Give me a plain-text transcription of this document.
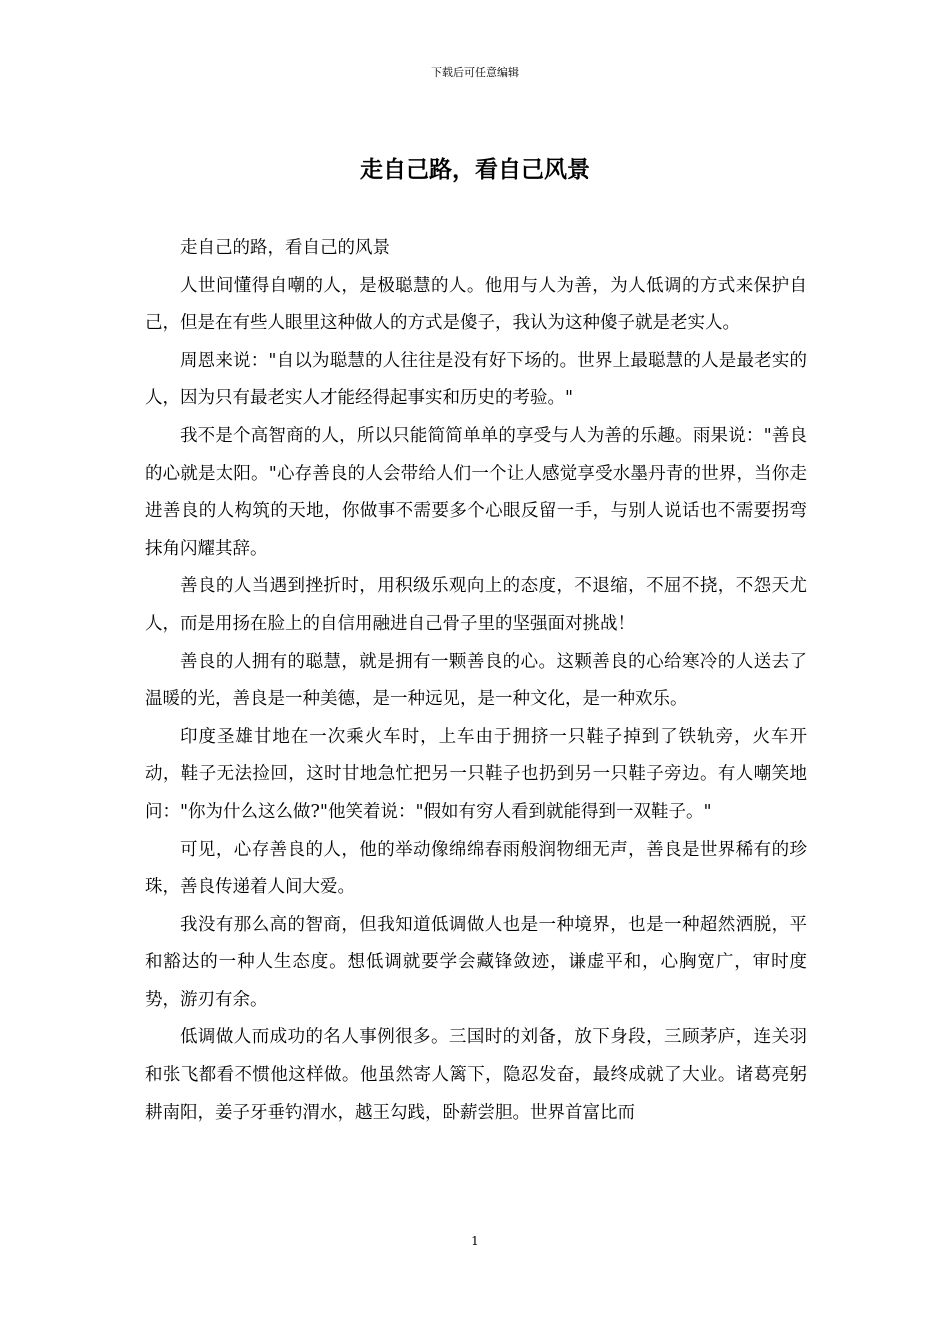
下载后可任意编辑
走自己路，看自己风景

走自己的路，看自己的风景

人世间懂得自嘲的人，是极聪慧的人。他用与人为善，为人低调的方式来保护自己，但是在有些人眼里这种做人的方式是傻子，我认为这种傻子就是老实人。

周恩来说："自以为聪慧的人往往是没有好下场的。世界上最聪慧的人是最老实的人，因为只有最老实人才能经得起事实和历史的考验。"

我不是个高智商的人，所以只能简简单单的享受与人为善的乐趣。雨果说："善良的心就是太阳。"心存善良的人会带给人们一个让人感觉享受水墨丹青的世界，当你走进善良的人构筑的天地，你做事不需要多个心眼反留一手，与别人说话也不需要拐弯抹角闪耀其辞。

善良的人当遇到挫折时，用积级乐观向上的态度，不退缩，不屈不挠，不怨天尤人，而是用扬在脸上的自信用融进自己骨子里的坚强面对挑战！

善良的人拥有的聪慧，就是拥有一颗善良的心。这颗善良的心给寒冷的人送去了温暖的光，善良是一种美德，是一种远见，是一种文化，是一种欢乐。

印度圣雄甘地在一次乘火车时，上车由于拥挤一只鞋子掉到了铁轨旁，火车开动，鞋子无法捡回，这时甘地急忙把另一只鞋子也扔到另一只鞋子旁边。有人嘲笑地问："你为什么这么做?"他笑着说："假如有穷人看到就能得到一双鞋子。"

可见，心存善良的人，他的举动像绵绵春雨般润物细无声，善良是世界稀有的珍珠，善良传递着人间大爱。

我没有那么高的智商，但我知道低调做人也是一种境界，也是一种超然洒脱，平和豁达的一种人生态度。想低调就要学会藏锋敛迹，谦虚平和，心胸宽广，审时度势，游刃有余。

低调做人而成功的名人事例很多。三国时的刘备，放下身段，三顾茅庐，连关羽和张飞都看不惯他这样做。他虽然寄人篱下，隐忍发奋，最终成就了大业。诸葛亮躬耕南阳，姜子牙垂钓渭水，越王勾践，卧薪尝胆。世界首富比而

1
